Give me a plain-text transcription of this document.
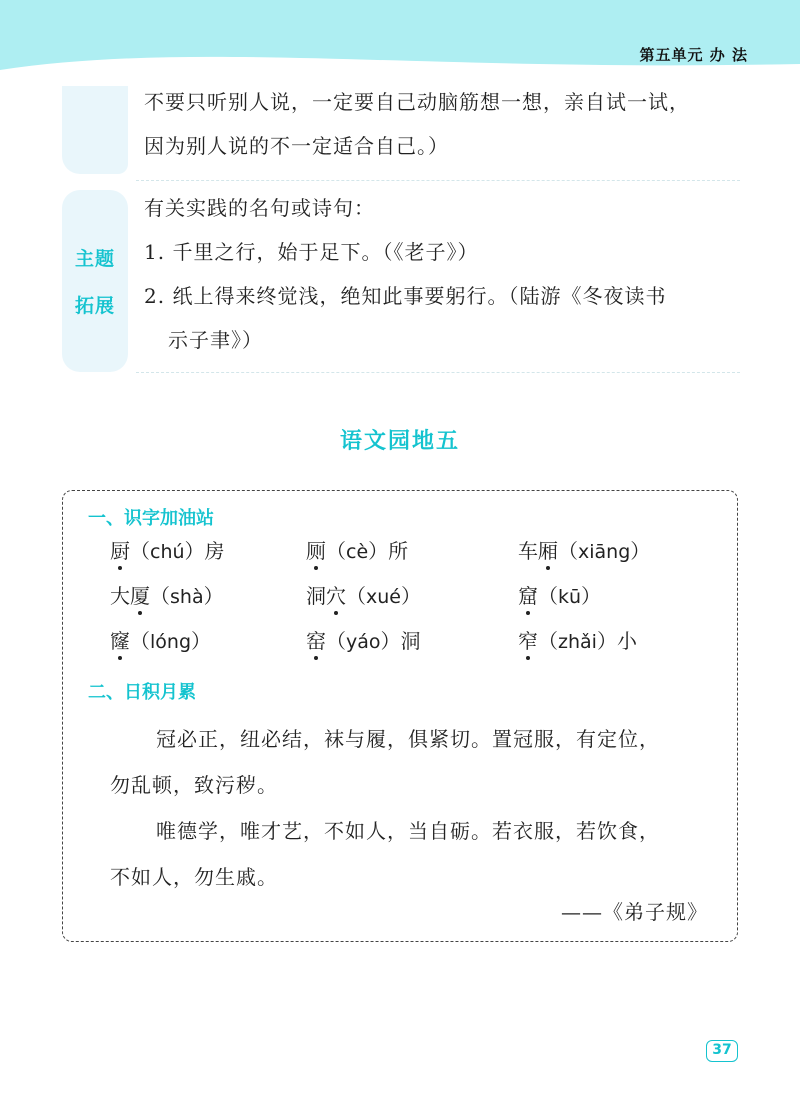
第五单元 办 法

不要只听别人说，一定要自己动脑筋想一想，亲自试一试，

因为别人说的不一定适合自己。）

主题
拓展

有关实践的名句或诗句：

1. 千里之行，始于足下。（《老子》）

2. 纸上得来终觉浅，绝知此事要躬行。（陆游《冬夜读书

示子聿》）

语文园地五
一、识字加油站
厨（chú）房	厕（cè）所	车厢（xiāng）
大厦（shà）	洞穴（xué）	窟（kū）
窿（lóng）	窑（yáo）洞	窄（zhǎi）小
二、日积月累

冠必正，纽必结，袜与履，俱紧切。置冠服，有定位，

勿乱顿，致污秽。

唯德学，唯才艺，不如人，当自砺。若衣服，若饮食，

不如人，勿生戚。

——《弟子规》
37
